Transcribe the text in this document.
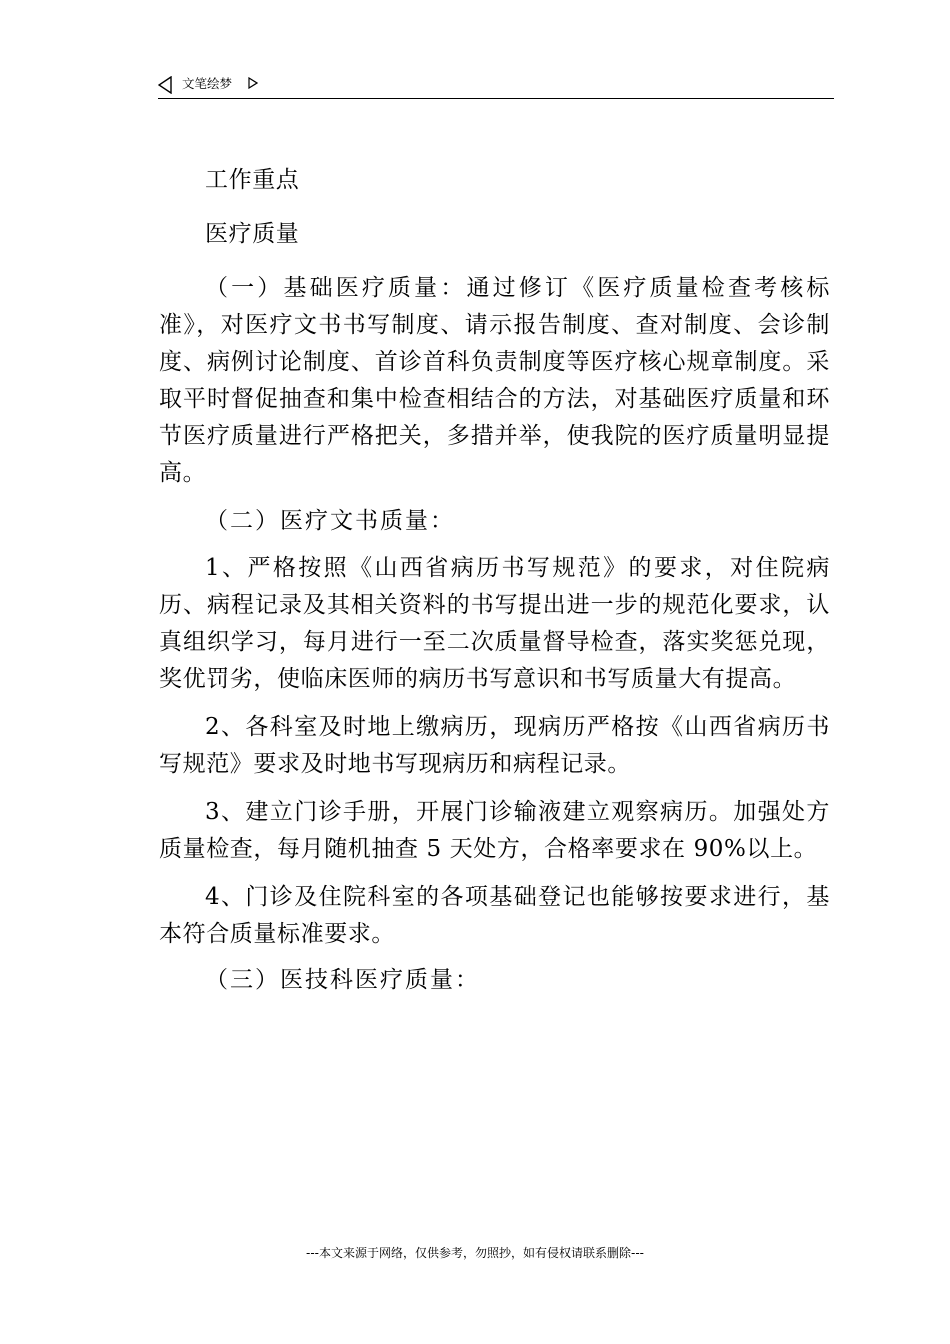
文笔绘梦

工作重点

医疗质量

（一）基础医疗质量：通过修订《医疗质量检查考核标准》，对医疗文书书写制度、请示报告制度、查对制度、会诊制度、病例讨论制度、首诊首科负责制度等医疗核心规章制度。采取平时督促抽查和集中检查相结合的方法，对基础医疗质量和环节医疗质量进行严格把关，多措并举，使我院的医疗质量明显提高。

（二）医疗文书质量：

1、严格按照《山西省病历书写规范》的要求，对住院病历、病程记录及其相关资料的书写提出进一步的规范化要求，认真组织学习，每月进行一至二次质量督导检查，落实奖惩兑现，奖优罚劣，使临床医师的病历书写意识和书写质量大有提高。

2、各科室及时地上缴病历，现病历严格按《山西省病历书写规范》要求及时地书写现病历和病程记录。

3、建立门诊手册，开展门诊输液建立观察病历。加强处方质量检查，每月随机抽查 5 天处方，合格率要求在 90%以上。

4、门诊及住院科室的各项基础登记也能够按要求进行，基本符合质量标准要求。

（三）医技科医疗质量：

---本文来源于网络，仅供参考，勿照抄，如有侵权请联系删除---
